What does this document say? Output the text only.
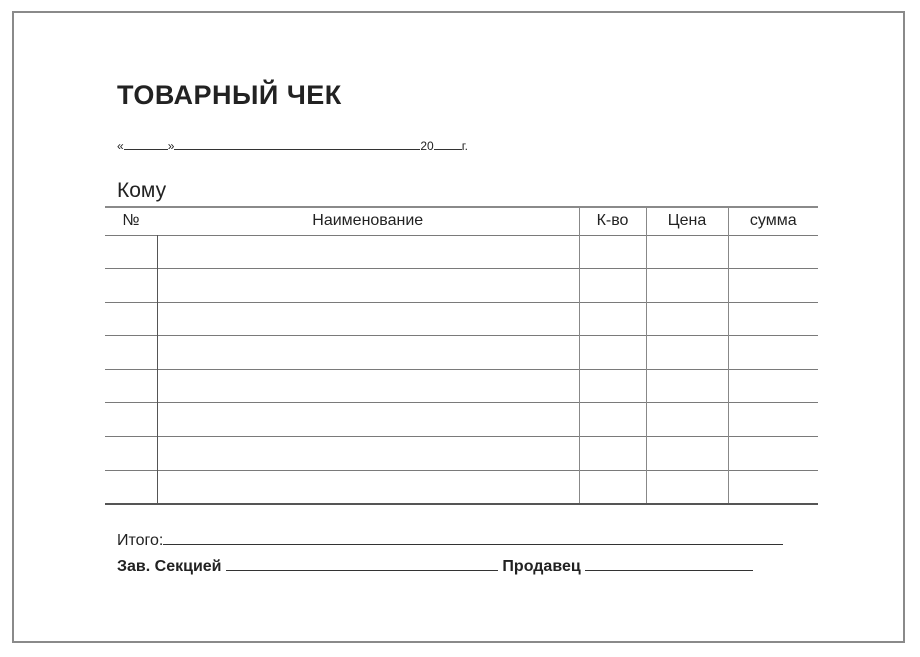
ТОВАРНЫЙ ЧЕК
«	»	20 г.
Кому
№	Наименование	К-во	Цена	сумма

Итого:
Зав. Секцией	Продавец
